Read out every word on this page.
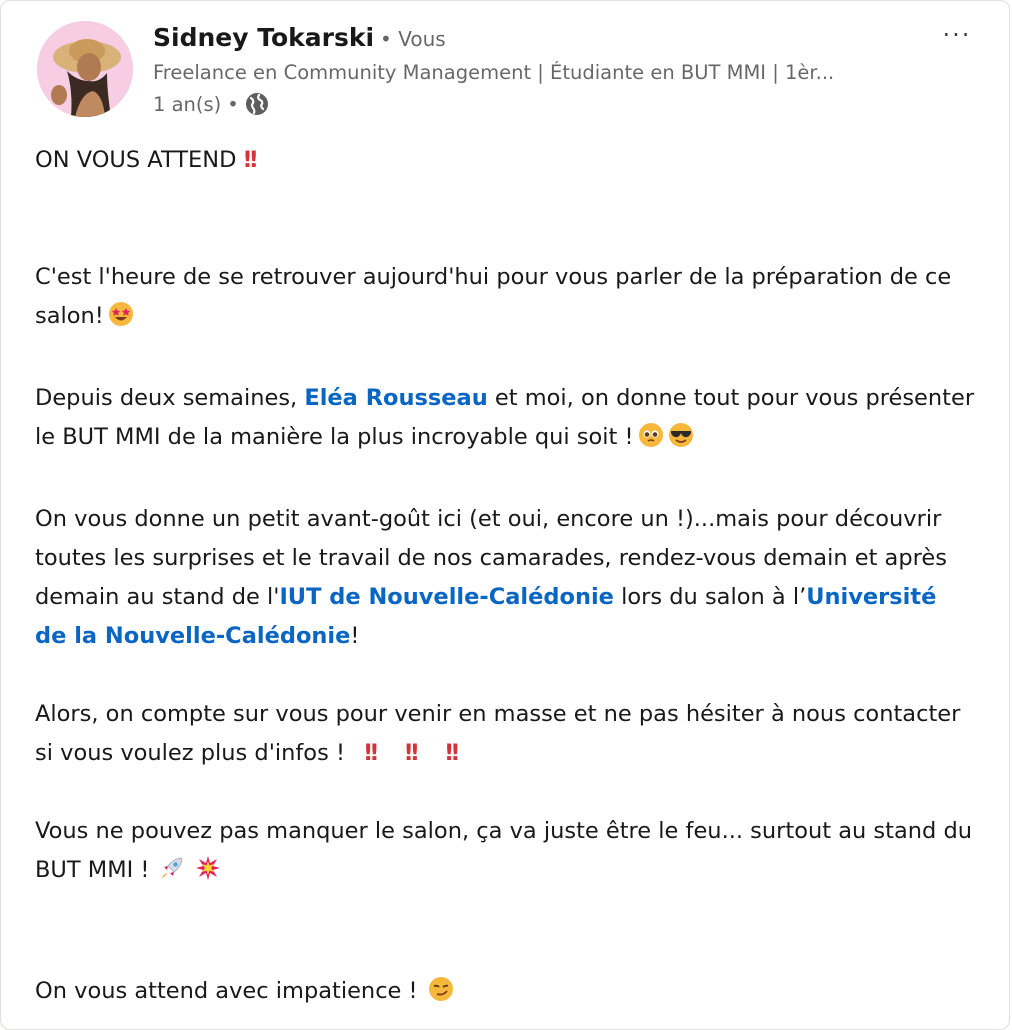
Sidney Tokarski • Vous
Freelance en Community Management | Étudiante en BUT MMI | 1èr...
1 an(s) •
···

ON VOUS ATTEND !!

C'est l'heure de se retrouver aujourd'hui pour vous parler de la préparation de ce salon!

Depuis deux semaines, Eléa Rousseau et moi, on donne tout pour vous présenter le BUT MMI de la manière la plus incroyable qui soit !

On vous donne un petit avant-goût ici (et oui, encore un !)...mais pour découvrir toutes les surprises et le travail de nos camarades, rendez-vous demain et après demain au stand de l'IUT de Nouvelle-Calédonie lors du salon à l’Université de la Nouvelle-Calédonie!

Alors, on compte sur vous pour venir en masse et ne pas hésiter à nous contacter si vous voulez plus d'infos ! !! !! !!

Vous ne pouvez pas manquer le salon, ça va juste être le feu... surtout au stand du BUT MMI !

On vous attend avec impatience !
